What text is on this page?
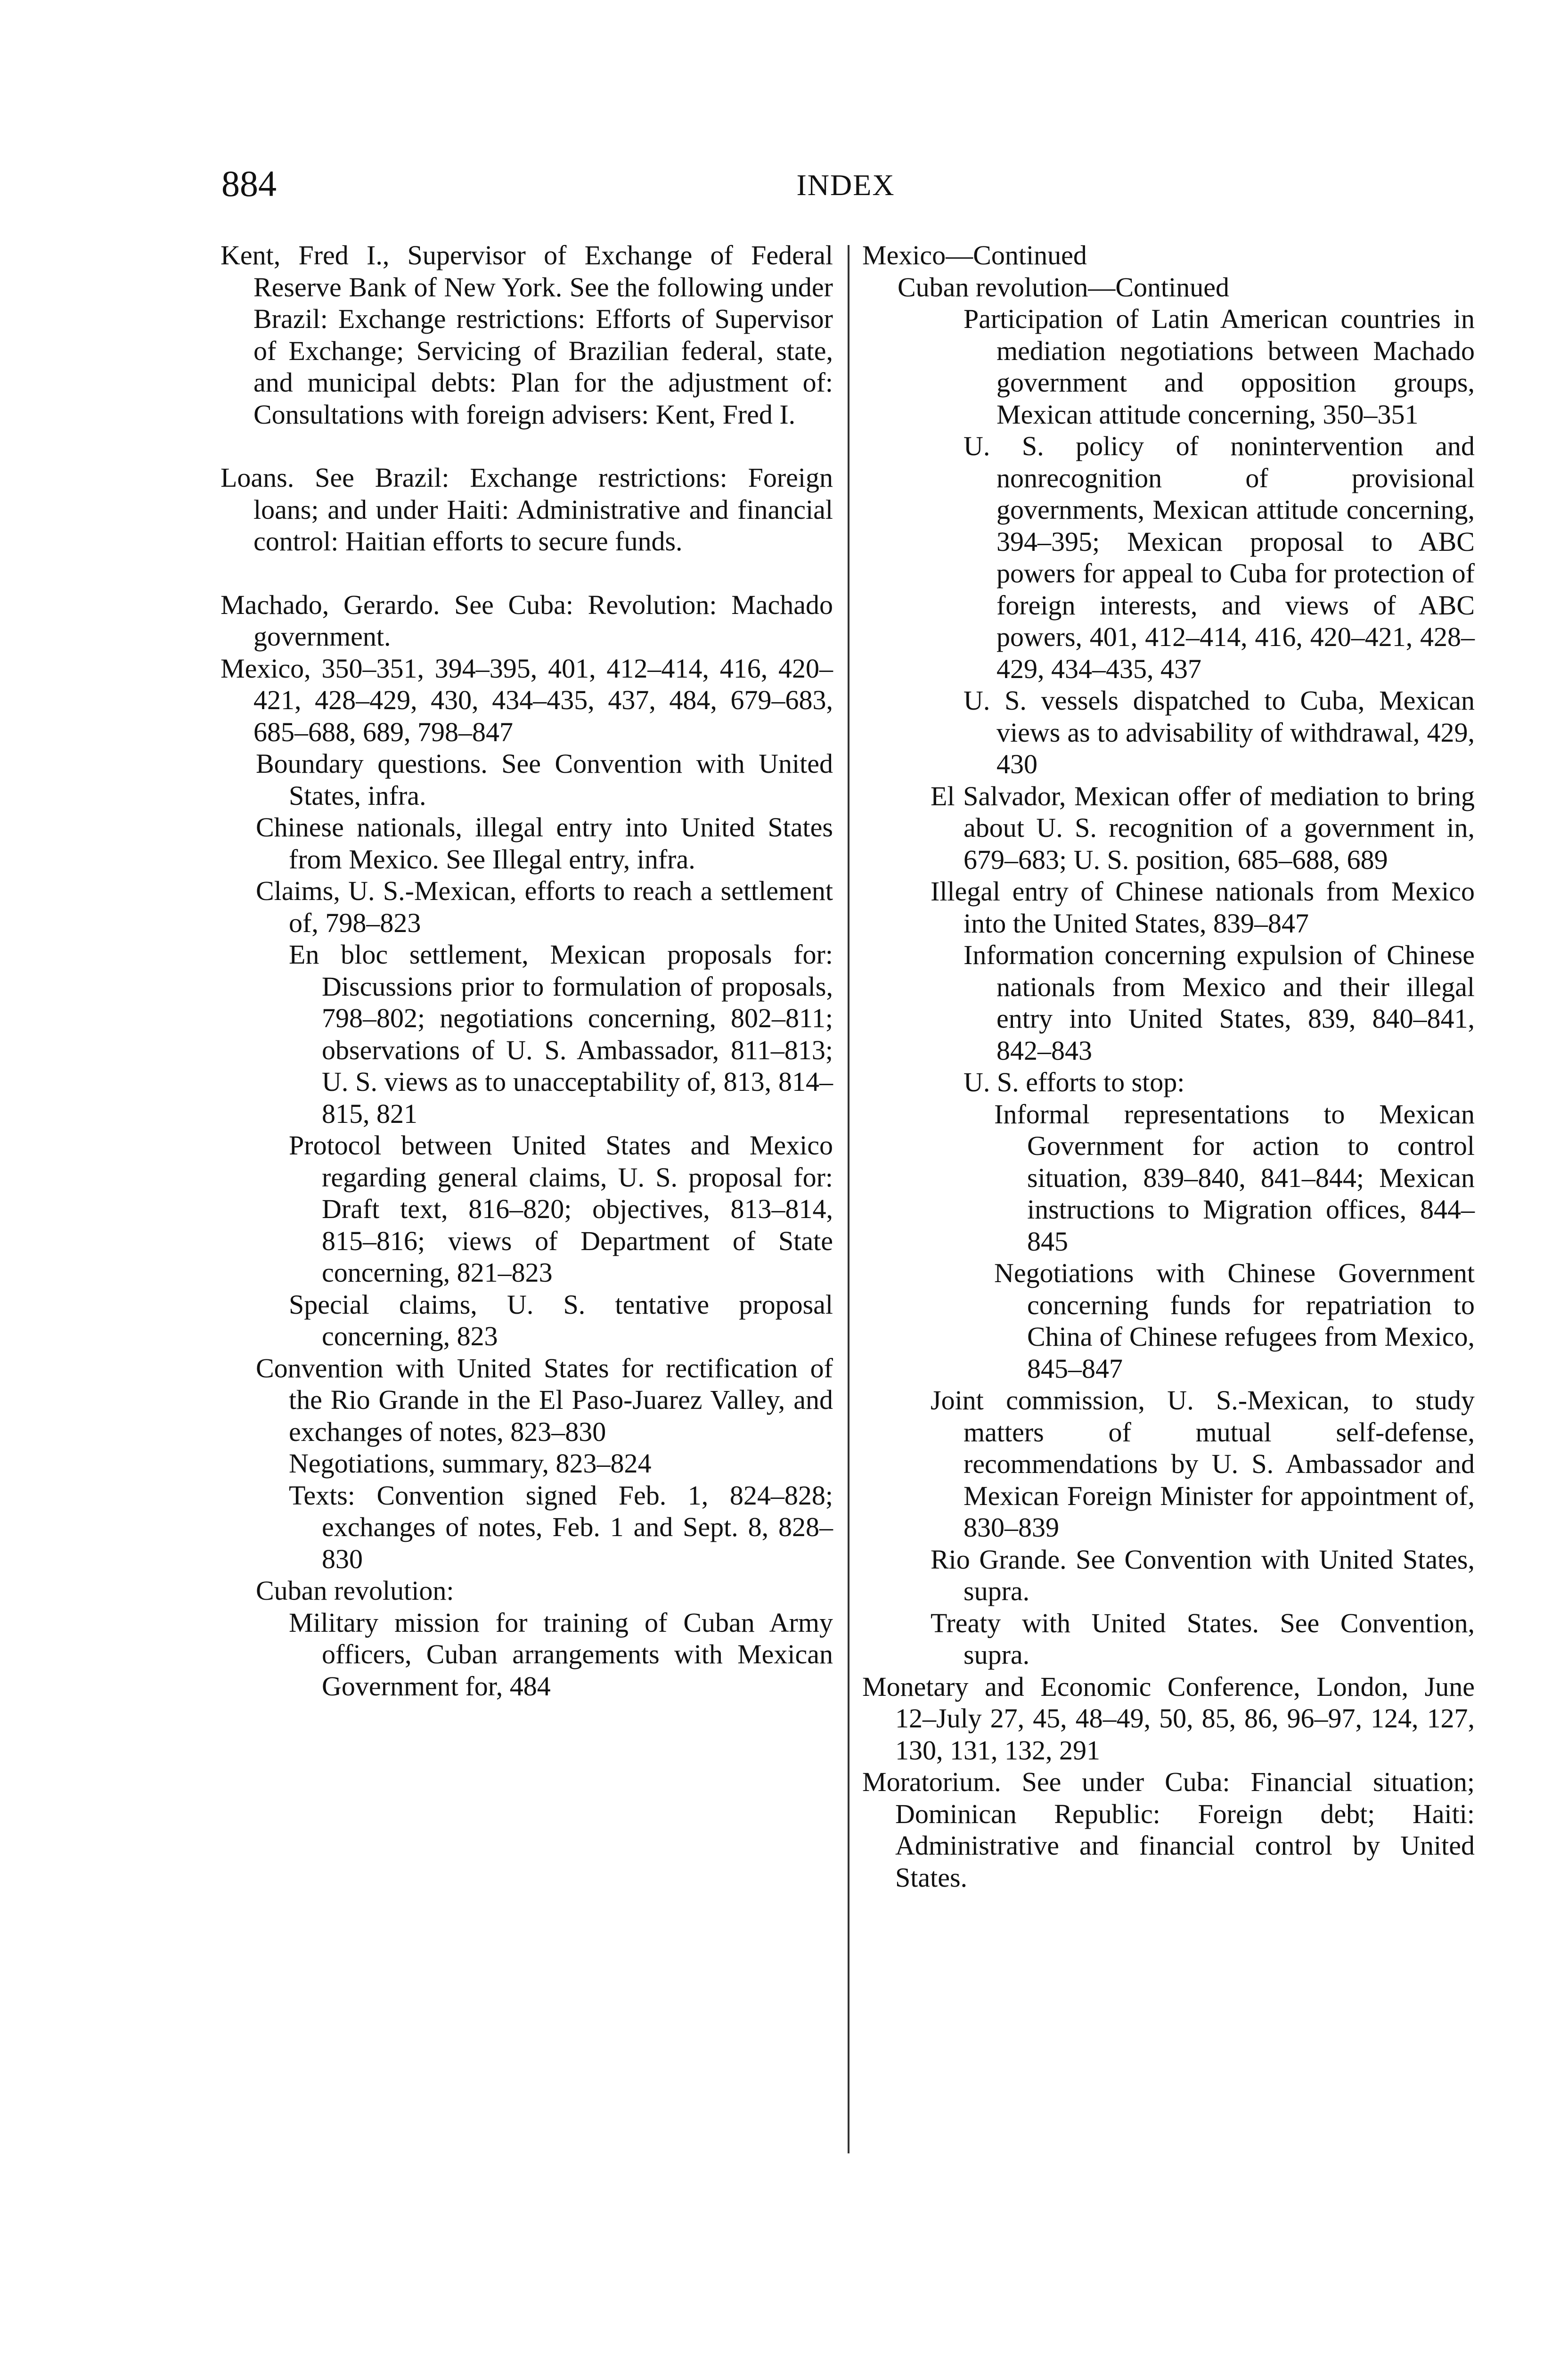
884	INDEX
Kent, Fred I., Supervisor of Exchange of Federal Reserve Bank of New York. See the following under Brazil: Exchange restrictions: Efforts of Supervisor of Exchange; Servicing of Brazilian federal, state, and municipal debts: Plan for the adjustment of: Consultations with foreign advisers: Kent, Fred I.
Loans. See Brazil: Exchange restrictions: Foreign loans; and under Haiti: Administrative and financial control: Haitian efforts to secure funds.
Machado, Gerardo. See Cuba: Revolution: Machado government.
Mexico, 350–351, 394–395, 401, 412–414, 416, 420–421, 428–429, 430, 434–435, 437, 484, 679–683, 685–688, 689, 798–847
Boundary questions. See Convention with United States, infra.
Chinese nationals, illegal entry into United States from Mexico. See Illegal entry, infra.
Claims, U. S.-Mexican, efforts to reach a settlement of, 798–823
En bloc settlement, Mexican proposals for: Discussions prior to formulation of proposals, 798–802; negotiations concerning, 802–811; observations of U. S. Ambassador, 811–813; U. S. views as to unacceptability of, 813, 814–815, 821
Protocol between United States and Mexico regarding general claims, U. S. proposal for: Draft text, 816–820; objectives, 813–814, 815–816; views of Department of State concerning, 821–823
Special claims, U. S. tentative proposal concerning, 823
Convention with United States for rectification of the Rio Grande in the El Paso-Juarez Valley, and exchanges of notes, 823–830
Negotiations, summary, 823–824
Texts: Convention signed Feb. 1, 824–828; exchanges of notes, Feb. 1 and Sept. 8, 828–830
Cuban revolution:
Military mission for training of Cuban Army officers, Cuban arrangements with Mexican Government for, 484
Mexico—Continued
Cuban revolution—Continued
Participation of Latin American countries in mediation negotiations between Machado government and opposition groups, Mexican attitude concerning, 350–351
U. S. policy of nonintervention and nonrecognition of provisional governments, Mexican attitude concerning, 394–395; Mexican proposal to ABC powers for appeal to Cuba for protection of foreign interests, and views of ABC powers, 401, 412–414, 416, 420–421, 428–429, 434–435, 437
U. S. vessels dispatched to Cuba, Mexican views as to advisability of withdrawal, 429, 430
El Salvador, Mexican offer of mediation to bring about U. S. recognition of a government in, 679–683; U. S. position, 685–688, 689
Illegal entry of Chinese nationals from Mexico into the United States, 839–847
Information concerning expulsion of Chinese nationals from Mexico and their illegal entry into United States, 839, 840–841, 842–843
U. S. efforts to stop:
Informal representations to Mexican Government for action to control situation, 839–840, 841–844; Mexican instructions to Migration offices, 844–845
Negotiations with Chinese Government concerning funds for repatriation to China of Chinese refugees from Mexico, 845–847
Joint commission, U. S.-Mexican, to study matters of mutual self-defense, recommendations by U. S. Ambassador and Mexican Foreign Minister for appointment of, 830–839
Rio Grande. See Convention with United States, supra.
Treaty with United States. See Convention, supra.
Monetary and Economic Conference, London, June 12–July 27, 45, 48–49, 50, 85, 86, 96–97, 124, 127, 130, 131, 132, 291
Moratorium. See under Cuba: Financial situation; Dominican Republic: Foreign debt; Haiti: Administrative and financial control by United States.
